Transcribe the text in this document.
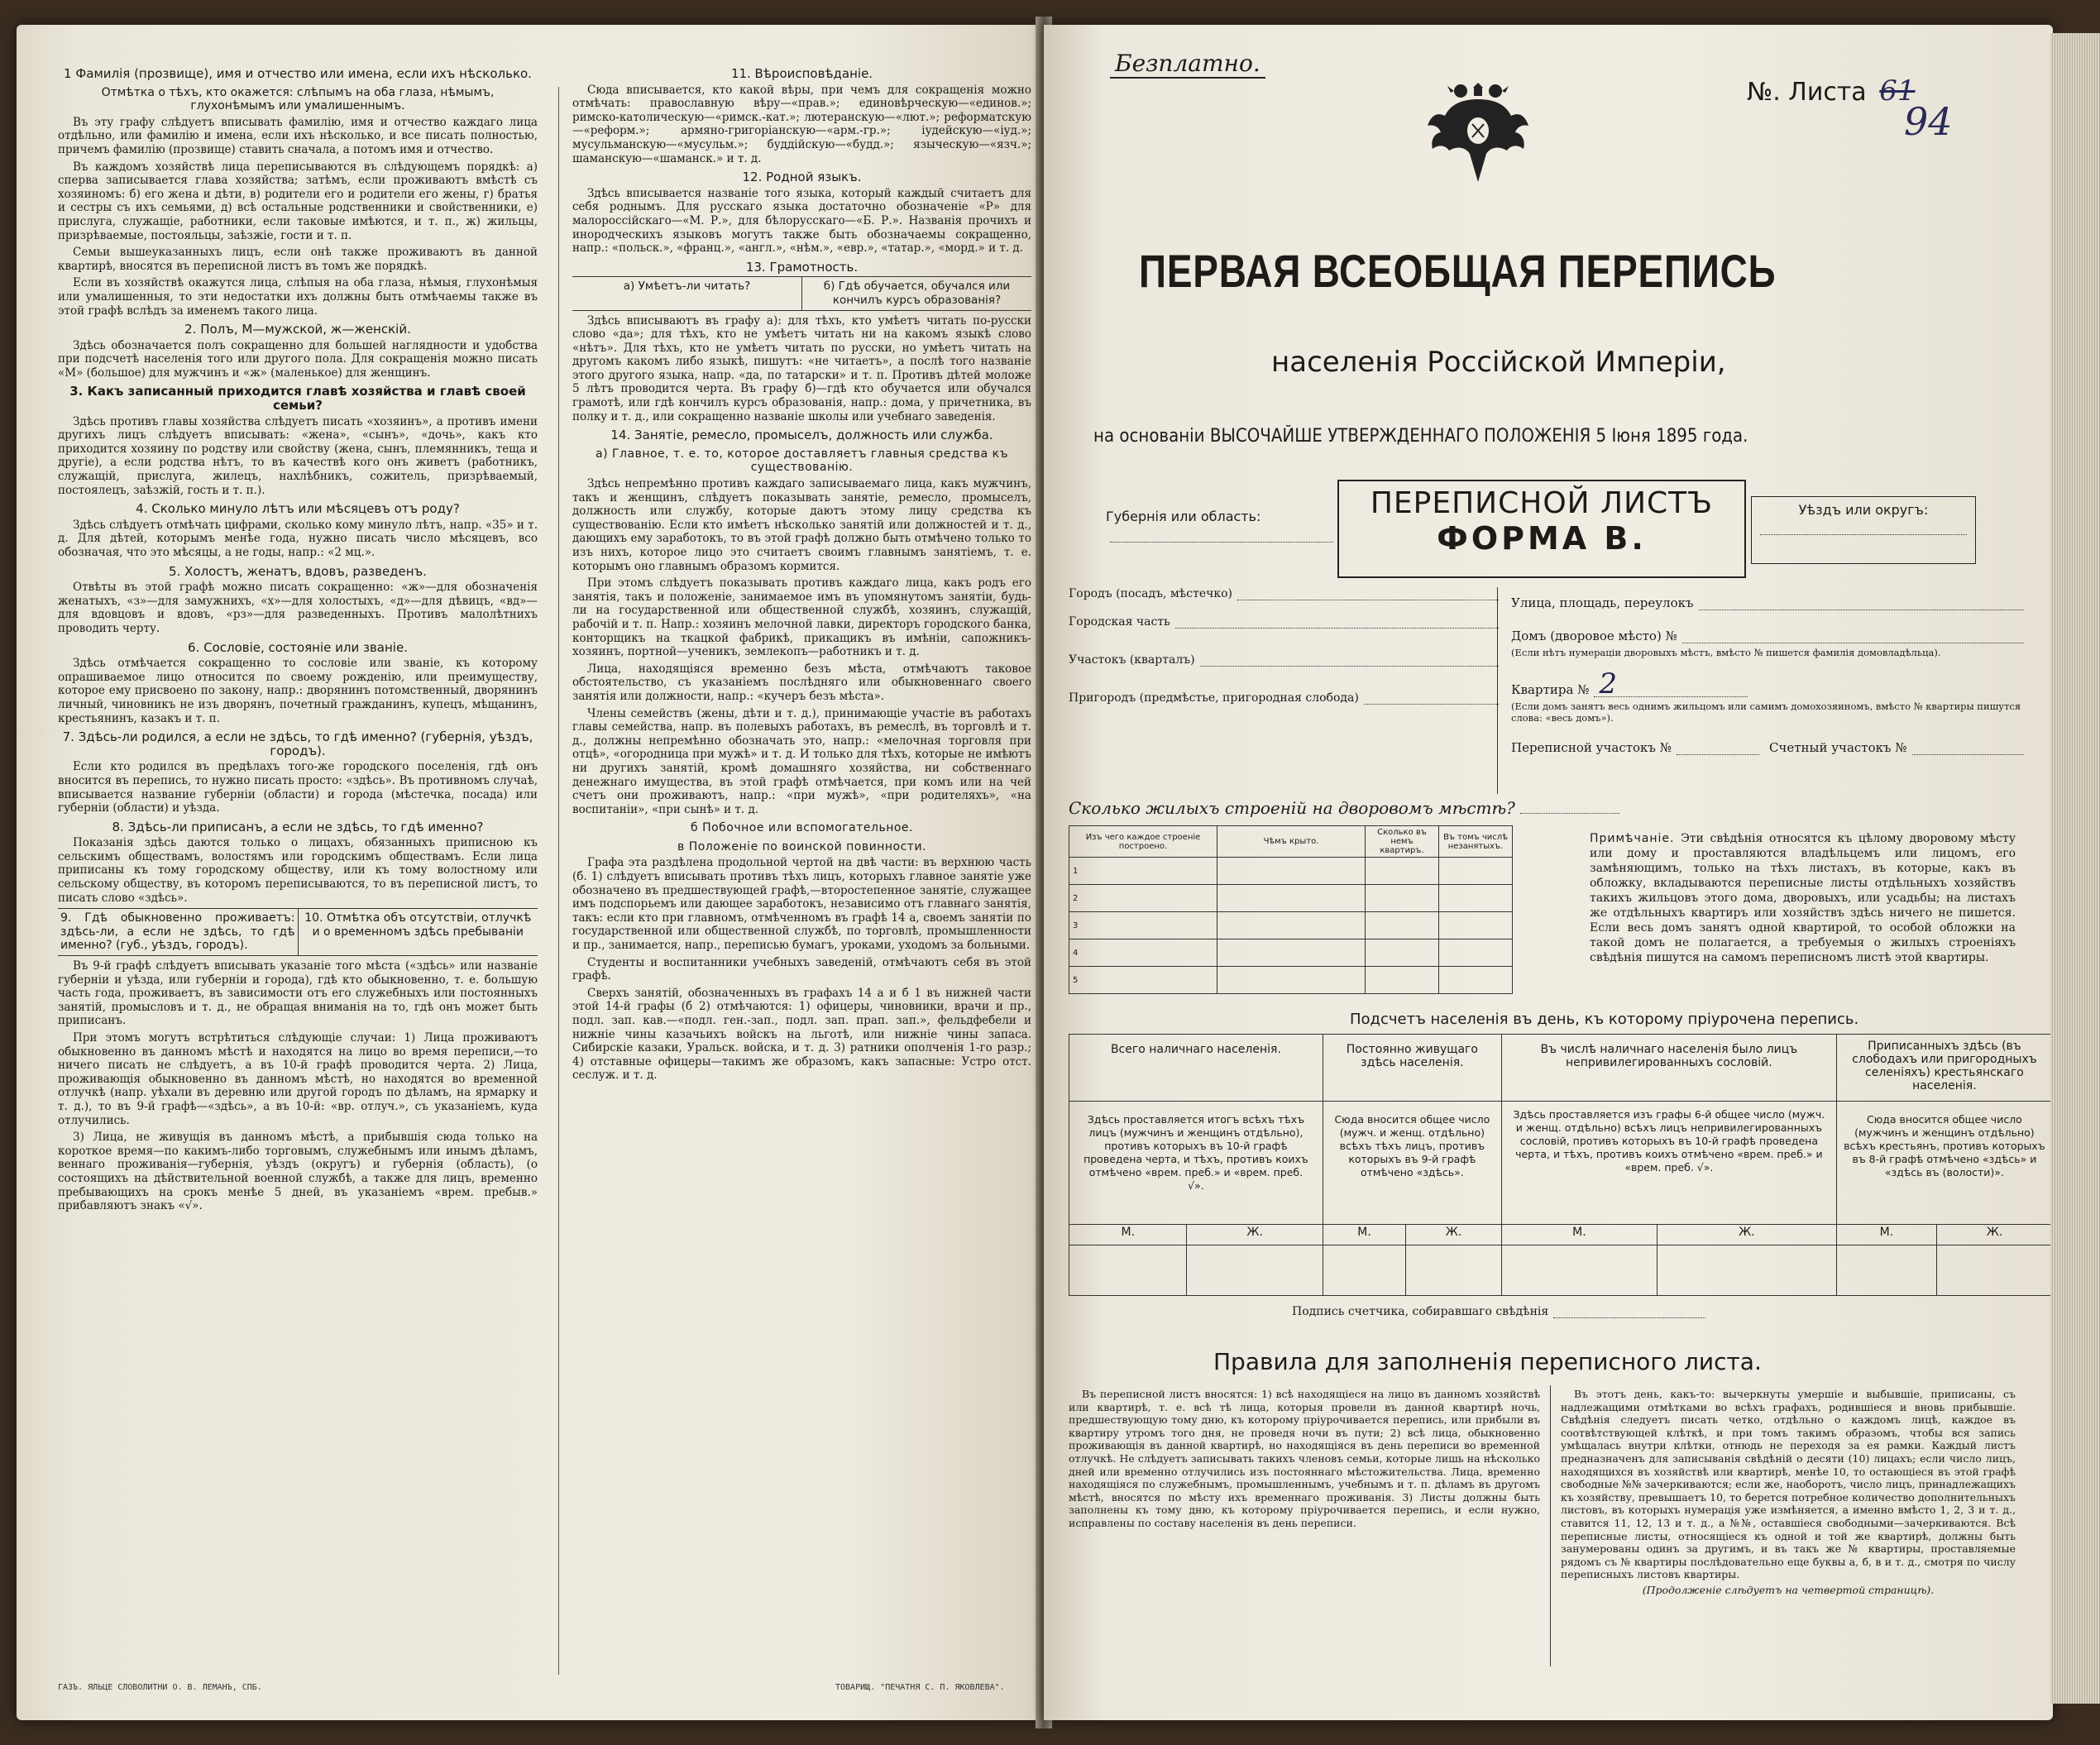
1 Фамилія (прозвище), имя и отчество или имена, если ихъ нѣсколько.
Отмѣтка о тѣхъ, кто окажется: слѣпымъ на оба глаза, нѣмымъ, глухонѣмымъ или умалишеннымъ.

Въ эту графу слѣдуетъ вписывать фамилію, имя и отчество каждаго лица отдѣльно, или фамилію и имена, если ихъ нѣсколько, и все писать полностью, причемъ фамилію (прозвище) ставить сначала, а потомъ имя и отчество.

Въ каждомъ хозяйствѣ лица переписываются въ слѣдующемъ порядкѣ: а) сперва записывается глава хозяйства; затѣмъ, если проживаютъ вмѣстѣ съ хозяиномъ: б) его жена и дѣти, в) родители его и родители его жены, г) братья и сестры съ ихъ семьями, д) всѣ остальные родственники и свойственники, е) прислуга, служащіе, работники, если таковые имѣются, и т. п., ж) жильцы, призрѣваемые, постояльцы, заѣзжіе, гости и т. п.

Семьи вышеуказанныхъ лицъ, если онѣ также проживаютъ въ данной квартирѣ, вносятся въ переписной листъ въ томъ же порядкѣ.

Если въ хозяйствѣ окажутся лица, слѣпыя на оба глаза, нѣмыя, глухонѣмыя или умалишенныя, то эти недостатки ихъ должны быть отмѣчаемы также въ этой графѣ вслѣдъ за именемъ такого лица.

2. Полъ, М—мужской, ж—женскій.

Здѣсь обозначается полъ сокращенно для большей наглядности и удобства при подсчетѣ населенія того или другого пола. Для сокращенія можно писать «М» (большое) для мужчинъ и «ж» (маленькое) для женщинъ.

3. Какъ записанный приходится главѣ хозяйства и главѣ своей семьи?

Здѣсь противъ главы хозяйства слѣдуетъ писать «хозяинъ», а противъ имени другихъ лицъ слѣдуетъ вписывать: «жена», «сынъ», «дочь», какъ кто приходится хозяину по родству или свойству (жена, сынъ, племянникъ, теща и другіе), а если родства нѣтъ, то въ качествѣ кого онъ живетъ (работникъ, служащій, прислуга, жилецъ, нахлѣбникъ, сожитель, призрѣваемый, постоялецъ, заѣзжій, гость и т. п.).

4. Сколько минуло лѣтъ или мѣсяцевъ отъ роду?

Здѣсь слѣдуетъ отмѣчать цифрами, сколько кому минуло лѣтъ, напр. «35» и т. д. Для дѣтей, которымъ менѣе года, нужно писать число мѣсяцевъ, всо обозначая, что это мѣсяцы, а не годы, напр.: «2 мц.».

5. Холостъ, женатъ, вдовъ, разведенъ.

Отвѣты въ этой графѣ можно писать сокращенно: «ж»—для обозначенія женатыхъ, «з»—для замужнихъ, «х»—для холостыхъ, «д»—для дѣвицъ, «вд»—для вдовцовъ и вдовъ, «рз»—для разведенныхъ. Противъ малолѣтнихъ проводить черту.

6. Сословіе, состояніе или званіе.

Здѣсь отмѣчается сокращенно то сословіе или званіе, къ которому опрашиваемое лицо относится по своему рожденію, или преимуществу, которое ему присвоено по закону, напр.: дворянинъ потомственный, дворянинъ личный, чиновникъ не изъ дворянъ, почетный гражданинъ, купецъ, мѣщанинъ, крестьянинъ, казакъ и т. п.

7. Здѣсь-ли родился, а если не здѣсь, то гдѣ именно? (губернія, уѣздъ, городъ).

Если кто родился въ предѣлахъ того-же городского поселенія, гдѣ онъ вносится въ перепись, то нужно писать просто: «здѣсь». Въ противномъ случаѣ, вписывается название губерніи (области) и города (мѣстечка, посада) или губерніи (области) и уѣзда.

8. Здѣсь-ли приписанъ, а если не здѣсь, то гдѣ именно?

Показанія здѣсь даются только о лицахъ, обязанныхъ приписною къ сельскимъ обществамъ, волостямъ или городскимъ обществамъ. Если лица приписаны къ тому городскому обществу, или къ тому волостному или сельскому обществу, въ которомъ переписываются, то въ переписной листъ, то писать слово «здѣсь».

9. Гдѣ обыкновенно проживаетъ: здѣсь-ли, а если не здѣсь, то гдѣ именно? (губ., уѣздъ, городъ).
10. Отмѣтка объ отсутствіи, отлучкѣ и о временномъ здѣсь пребываніи

Въ 9-й графѣ слѣдуетъ вписывать указаніе того мѣста («здѣсь» или названіе губерніи и уѣзда, или губерніи и города), гдѣ кто обыкновенно, т. е. большую часть года, проживаетъ, въ зависимости отъ его служебныхъ или постоянныхъ занятій, промысловъ и т. д., не обращая вниманія на то, гдѣ онъ может быть приписанъ.

При этомъ могутъ встрѣтиться слѣдующіе случаи: 1) Лица проживаютъ обыкновенно въ данномъ мѣстѣ и находятся на лицо во время переписи,—то ничего писать не слѣдуетъ, а въ 10-й графѣ проводится черта. 2) Лица, проживающія обыкновенно въ данномъ мѣстѣ, но находятся во временной отлучкѣ (напр. уѣхали въ деревню или другой городъ по дѣламъ, на ярмарку и т. д.), то въ 9-й графѣ—«здѣсь», а въ 10-й: «вр. отлуч.», съ указаніемъ, куда отлучились.

3) Лица, не живущія въ данномъ мѣстѣ, а прибывшія сюда только на короткое время—по какимъ-либо торговымъ, служебнымъ или инымъ дѣламъ, веннаго проживанія—губернія, уѣздъ (округъ) и губернія (область), (о состоящихъ на дѣйствительной военной службѣ, а также для лицъ, временно пребывающихъ на срокъ менѣе 5 дней, въ указаніемъ «врем. пребыв.» прибавляютъ знакъ «√».

ГАЗЪ. ЯЛЬЦЕ СЛОВОЛИТНИ О. В. ЛЕМАНЪ, СПБ.
11. Вѣроисповѣданіе.

Сюда вписывается, кто какой вѣры, при чемъ для сокращенія можно отмѣчать: православную вѣру—«прав.»; единовѣрческую—«единов.»; римско-католическую—«римск.-кат.»; лютеранскую—«лют.»; реформатскую—«реформ.»; армяно-григоріанскую—«арм.-гр.»; іудейскую—«іуд.»; мусульманскую—«мусульм.»; буддійскую—«будд.»; языческую—«язч.»; шаманскую—«шаманск.» и т. д.

12. Родной языкъ.

Здѣсь вписывается названіе того языка, который каждый считаетъ для себя роднымъ. Для русскаго языка достаточно обозначеніе «Р» для малороссійскаго—«М. Р.», для бѣлорусскаго—«Б. Р.». Названія прочихъ и инородческихъ языковъ могутъ также быть обозначаемы сокращенно, напр.: «польск.», «франц.», «англ.», «нѣм.», «евр.», «татар.», «морд.» и т. д.

13. Грамотность.
а) Умѣетъ-ли читать?	б) Гдѣ обучается, обучался или кончилъ курсъ образованія?

Здѣсь вписываютъ въ графу а): для тѣхъ, кто умѣетъ читать по-русски слово «да»; для тѣхъ, кто не умѣетъ читать ни на какомъ языкѣ слово «нѣтъ». Для тѣхъ, кто не умѣетъ читать по русски, но умѣетъ читать на другомъ какомъ либо языкѣ, пишутъ: «не читаетъ», а послѣ того названіе этого другого языка, напр. «да, по татарски» и т. п. Противъ дѣтей моложе 5 лѣтъ проводится черта. Въ графу б)—гдѣ кто обучается или обучался грамотѣ, или гдѣ кончилъ курсъ образованія, напр.: дома, у причетника, въ полку и т. д., или сокращенно названіе школы или учебнаго заведенія.

14. Занятіе, ремесло, промыселъ, должность или служба.
а) Главное, т. е. то, которое доставляетъ главныя средства къ существованію.

Здѣсь непремѣнно противъ каждаго записываемаго лица, какъ мужчинъ, такъ и женщинъ, слѣдуетъ показывать занятіе, ремесло, промыселъ, должность или службу, которые даютъ этому лицу средства къ существованію. Если кто имѣетъ нѣсколько занятій или должностей и т. д., дающихъ ему заработокъ, то въ этой графѣ должно быть отмѣчено только то изъ нихъ, которое лицо это считаетъ своимъ главнымъ занятіемъ, т. е. которымъ оно главнымъ образомъ кормится.

При этомъ слѣдуетъ показывать противъ каждаго лица, какъ родъ его занятія, такъ и положеніе, занимаемое имъ въ упомянутомъ занятіи, будь-ли на государственной или общественной службѣ, хозяинъ, служащій, рабочій и т. п. Напр.: хозяинъ мелочной лавки, директоръ городского банка, конторщикъ на ткацкой фабрикѣ, прикащикъ въ имѣніи, сапожникъ-хозяинъ, портной—ученикъ, землекопъ—работникъ и т. д.

Лица, находящіяся временно безъ мѣста, отмѣчаютъ таковое обстоятельство, съ указаніемъ послѣдняго или обыкновеннаго своего занятія или должности, напр.: «кучеръ безъ мѣста».

Члены семействъ (жены, дѣти и т. д.), принимающіе участіе въ работахъ главы семейства, напр. въ полевыхъ работахъ, въ ремеслѣ, въ торговлѣ и т. д., должны непремѣнно обозначать это, напр.: «мелочная торговля при отцѣ», «огородница при мужѣ» и т. д. И только для тѣхъ, которые не имѣютъ ни другихъ занятій, кромѣ домашняго хозяйства, ни собственнаго денежнаго имущества, въ этой графѣ отмѣчается, при комъ или на чей счетъ они проживаютъ, напр.: «при мужѣ», «при родителяхъ», «на воспитаніи», «при сынѣ» и т. д.

б Побочное или вспомогательное.
в Положеніе по воинской повинности.

Графа эта раздѣлена продольной чертой на двѣ части: въ верхнюю часть (б. 1) слѣдуетъ вписывать противъ тѣхъ лицъ, которыхъ главное занятіе уже обозначено въ предшествующей графѣ,—второстепенное занятіе, служащее имъ подспорьемъ или дающее заработокъ, независимо отъ главнаго занятія, такъ: если кто при главномъ, отмѣченномъ въ графѣ 14 а, своемъ занятіи по государственной или общественной службѣ, по торговлѣ, промышленности и пр., занимается, напр., переписью бумагъ, уроками, уходомъ за больными.

Студенты и воспитанники учебныхъ заведеній, отмѣчаютъ себя въ этой графѣ.

Сверхъ занятій, обозначенныхъ въ графахъ 14 а и б 1 въ нижней части этой 14-й графы (б 2) отмѣчаются: 1) офицеры, чиновники, врачи и пр., подл. зап. кав.—«подл. ген.-зап., подл. зап. прап. зап.», фельдфебели и нижніе чины казачьихъ войскъ на льготѣ, или нижніе чины запаса. Сибирскіе казаки, Уральск. войска, и т. д. 3) ратники ополченія 1-го разр.; 4) отставные офицеры—такимъ же образомъ, какъ запасные: Устро отст. сеслуж. и т. д.

ТОВАРИЩ. "ПЕЧАТНЯ С. П. ЯКОВЛЕВА".
Безплатно.
№. Листа 61
94
ПЕРВАЯ ВСЕОБЩАЯ ПЕРЕПИСЬ
населенія Россійской Имперіи,
на основаніи ВЫСОЧАЙШЕ УТВЕРЖДЕННАГО ПОЛОЖЕНІЯ 5 Іюня 1895 года.
Губернія или область:	ПЕРЕПИСНОЙ ЛИСТЪ
ФОРМА В.
Уѣздъ или округъ:
Городъ (посадъ, мѣстечко)
Городская часть
Участокъ (кварталъ)
Пригородъ (предмѣстье, пригородная слобода)
Улица, площадь, переулокъ
Домъ (дворовое мѣсто) №
(Если нѣтъ нумераціи дворовыхъ мѣстъ, вмѣсто № пишется фамилія домовладѣльца).
Квартира № 2
(Если домъ занятъ весь однимъ жильцомъ или самимъ домохозяиномъ, вмѣсто № квартиры пишутся слова: «весь домъ»).
Переписной участокъ №	Счетный участокъ №
Сколько жилыхъ строеній на дворовомъ мѣстѣ?
Изъ чего каждое строеніе построено.	Чѣмъ крыто.	Сколько въ немъ квартиръ.	Въ томъ числѣ незанятыхъ.
1			
2			
3			
4			
5			
Примѣчаніе. Эти свѣдѣнія относятся къ цѣлому дворовому мѣсту или дому и проставляются владѣльцемъ или лицомъ, его замѣняющимъ, только на тѣхъ листахъ, въ которые, какъ въ обложку, вкладываются переписные листы отдѣльныхъ хозяйствъ такихъ жильцовъ этого дома, дворовыхъ, или усадьбы; на листахъ же отдѣльныхъ квартиръ или хозяйствъ здѣсь ничего не пишется. Если весь домъ занятъ одной квартирой, то особой обложки на такой домъ не полагается, а требуемыя о жилыхъ строеніяхъ свѣдѣнія пишутся на самомъ переписномъ листѣ этой квартиры.
Подсчетъ населенія въ день, къ которому пріурочена перепись.
Всего наличнаго населенія.		Постоянно живущаго здѣсь населенія.		Въ числѣ наличнаго населенія было лицъ непривилегированныхъ сословій.		Приписанныхъ здѣсь (въ слободахъ или пригородныхъ селеніяхъ) крестьянскаго населенія.	
Здѣсь проставляется итогъ всѣхъ тѣхъ лицъ (мужчинъ и женщинъ отдѣльно), противъ которыхъ въ 10-й графѣ проведена черта, и тѣхъ, противъ коихъ отмѣчено «врем. преб.» и «врем. преб. √».		Сюда вносится общее число (мужч. и женщ. отдѣльно) всѣхъ тѣхъ лицъ, противъ которыхъ въ 9-й графѣ отмѣчено «здѣсь».		Здѣсь проставляется изъ графы 6-й общее число (мужч. и женщ. отдѣльно) всѣхъ лицъ непривилегированныхъ сословій, противъ которыхъ въ 10-й графѣ проведена черта, и тѣхъ, противъ коихъ отмѣчено «врем. преб.» и «врем. преб. √».		Сюда вносится общее число (мужчинъ и женщинъ отдѣльно) всѣхъ крестьянъ, противъ которыхъ въ 8-й графѣ отмѣчено «здѣсь» и «здѣсь въ (волости)».	
М.	Ж.	М.	Ж.	М.	Ж.	М.	Ж.

Подпись счетчика, собиравшаго свѣдѣнія
Правила для заполненія переписного листа.

Въ переписной листъ вносятся: 1) всѣ находящіеся на лицо въ данномъ хозяйствѣ или квартирѣ, т. е. всѣ тѣ лица, которыя провели въ данной квартирѣ ночь, предшествующую тому дню, къ которому пріурочивается перепись, или прибыли въ квартиру утромъ того дня, не проведя ночи въ пути; 2) всѣ лица, обыкновенно проживающія въ данной квартирѣ, но находящіяся въ день переписи во временной отлучкѣ. Не слѣдуетъ записывать такихъ членовъ семьи, которые лишь на нѣсколько дней или временно отлучились изъ постояннаго мѣстожительства. Лица, временно находящіяся по служебнымъ, промышленнымъ, учебнымъ и т. п. дѣламъ въ другомъ мѣстѣ, вносятся по мѣсту ихъ временнаго проживанія. 3) Листы должны быть заполнены къ тому дню, къ которому пріурочивается перепись, и если нужно, исправлены по составу населенія въ день переписи.

Въ этотъ день, какъ-то: вычеркнуты умершіе и выбывшіе, приписаны, съ надлежащими отмѣтками во всѣхъ графахъ, родившіеся и вновь прибывшіе. Свѣдѣнія следуетъ писать четко, отдѣльно о каждомъ лицѣ, каждое въ соотвѣтствующей клѣткѣ, и при томъ такимъ образомъ, чтобы вся запись умѣщалась внутри клѣтки, отнюдь не переходя за ея рамки. Каждый листъ предназначенъ для записыванія свѣдѣній о десяти (10) лицахъ; если число лицъ, находящихся въ хозяйствѣ или квартирѣ, менѣе 10, то остающіеся въ этой графѣ свободные №№ зачеркиваются; если же, наоборотъ, число лицъ, принадлежащихъ къ хозяйству, превышаетъ 10, то берется потребное количество дополнительныхъ листовъ, въ которыхъ нумерація уже измѣняется, а именно вмѣсто 1, 2, 3 и т. д., ставится 11, 12, 13 и т. д., а №№, оставшіеся свободными—зачеркиваются. Всѣ переписные листы, относящіеся къ одной и той же квартирѣ, должны быть занумерованы одинъ за другимъ, и въ такъ же № квартиры, проставляемые рядомъ съ № квартиры послѣдовательно еще буквы а, б, в и т. д., смотря по числу переписныхъ листовъ квартиры.

(Продолженіе слѣдуетъ на четвертой страницѣ).
